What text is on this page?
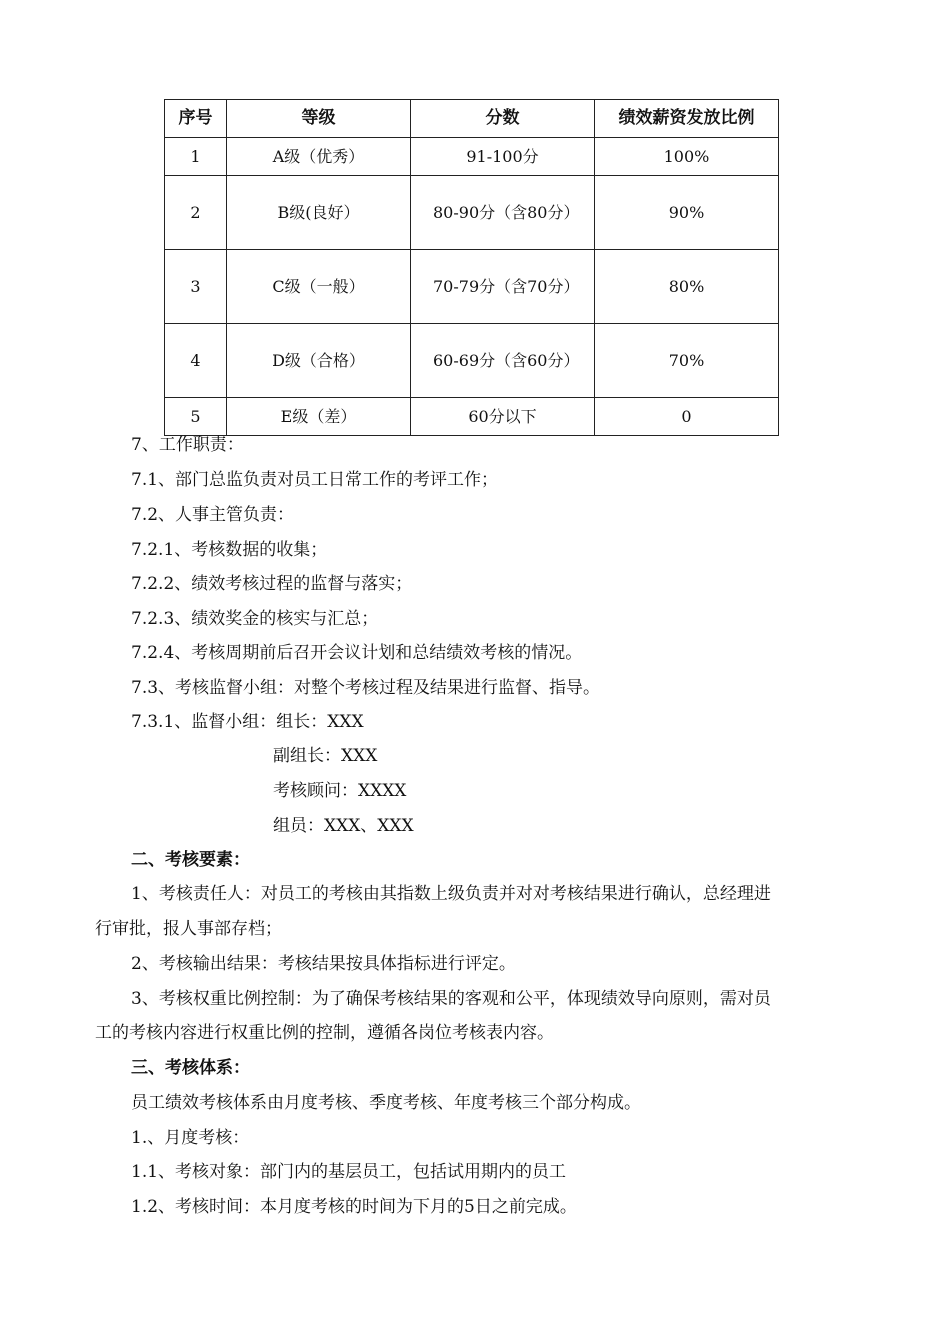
序号	等级	分数	绩效薪资发放比例
1	A级（优秀）	91-100分	100%
2	B级(良好）	80-90分（含80分）	90%
3	C级（一般）	70-79分（含70分）	80%
4	D级（合格）	60-69分（含60分）	70%
5	E级（差）	60分以下	0
7、工作职责：
7.1、部门总监负责对员工日常工作的考评工作；
7.2、人事主管负责：
7.2.1、考核数据的收集；
7.2.2、绩效考核过程的监督与落实；
7.2.3、绩效奖金的核实与汇总；
7.2.4、考核周期前后召开会议计划和总结绩效考核的情况。
7.3、考核监督小组：对整个考核过程及结果进行监督、指导。
7.3.1、监督小组：组长：XXX
副组长：XXX
考核顾问：XXXX
组员：XXX、XXX
二、考核要素：
1、考核责任人：对员工的考核由其指数上级负责并对对考核结果进行确认，总经理进
行审批，报人事部存档；
2、考核输出结果：考核结果按具体指标进行评定。
3、考核权重比例控制：为了确保考核结果的客观和公平，体现绩效导向原则，需对员
工的考核内容进行权重比例的控制，遵循各岗位考核表内容。
三、考核体系：
员工绩效考核体系由月度考核、季度考核、年度考核三个部分构成。
1.、月度考核：
1.1、考核对象：部门内的基层员工，包括试用期内的员工
1.2、考核时间：本月度考核的时间为下月的5日之前完成。
